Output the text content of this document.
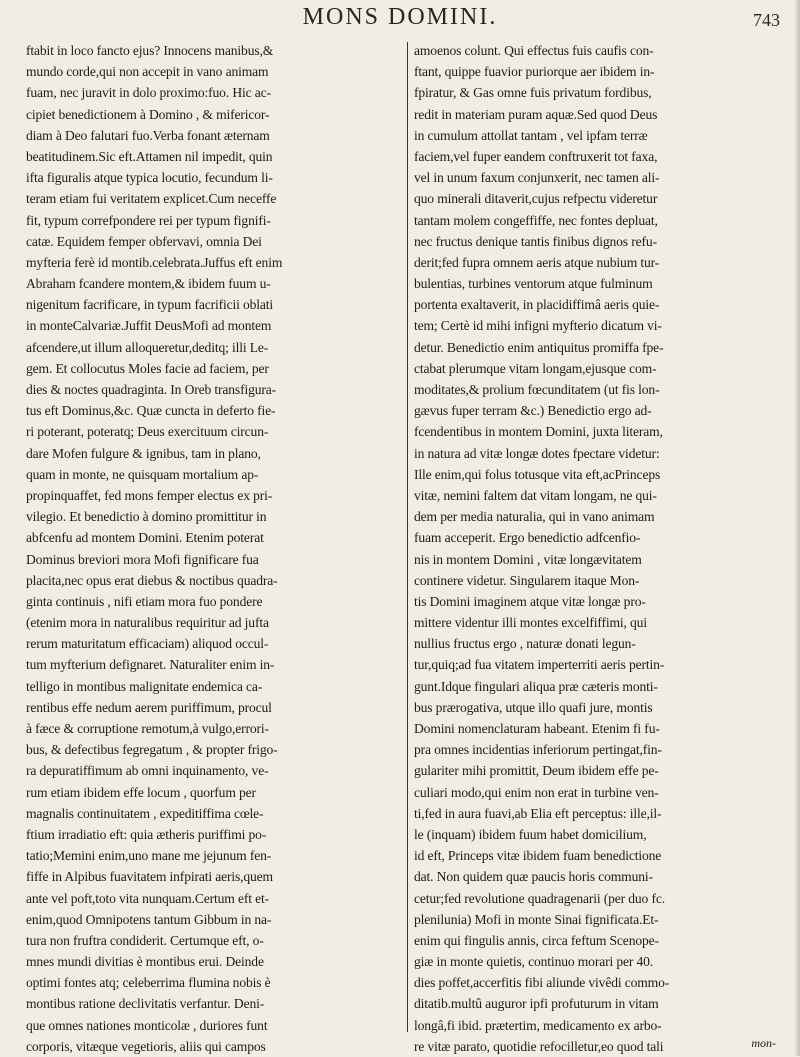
MONS DOMINI.	743
ftabit in loco fancto ejus? Innocens manibus,&
mundo corde,qui non accepit in vano animam
fuam, nec juravit in dolo proximo:fuo. Hic ac-
cipiet benedictionem à Domino , & mifericor-
diam à Deo falutari fuo.Verba fonant æternam
beatitudinem.Sic eft.Attamen nil impedit, quin
ifta figuralis atque typica locutio, fecundum li-
teram etiam fui veritatem explicet.Cum neceffe
fit, typum correfpondere rei per typum fignifi-
catæ. Equidem femper obfervavi, omnia Dei
myfteria ferè id montib.celebrata.Juffus eft enim
Abraham fcandere montem,& ibidem fuum u-
nigenitum facrificare, in typum facrificii oblati
in monteCalvariæ.Juffit DeusMofi ad montem
afcendere,ut illum alloqueretur,deditq; illi Le-
gem. Et collocutus Moles facie ad faciem, per
dies & noctes quadraginta. In Oreb transfigura-
tus eft Dominus,&c. Quæ cuncta in deferto fie-
ri poterant, poteratq; Deus exercituum circun-
dare Mofen fulgure & ignibus, tam in plano,
quam in monte, ne quisquam mortalium ap-
propinquaffet, fed mons femper electus ex pri-
vilegio. Et benedictio à domino promittitur in
abfcenfu ad montem Domini. Etenim poterat
Dominus breviori mora Mofi fignificare fua
placita,nec opus erat diebus & noctibus quadra-
ginta continuis , nifi etiam mora fuo pondere
(etenim mora in naturalibus requiritur ad jufta
rerum maturitatum efficaciam) aliquod occul-
tum myfterium defignaret. Naturaliter enim in-
telligo in montibus malignitate endemica ca-
rentibus effe nedum aerem puriffimum, procul
à fæce & corruptione remotum,à vulgo,errori-
bus, & defectibus fegregatum , & propter frigo-
ra depuratiffimum ab omni inquinamento, ve-
rum etiam ibidem effe locum , quorfum per
magnalis continuitatem , expeditiffima cœle-
ftium irradiatio eft: quia ætheris puriffimi po-
tatio;Memini enim,uno mane me jejunum fen-
fiffe in Alpibus fuavitatem infpirati aeris,quem
ante vel poft,toto vita nunquam.Certum eft et-
enim,quod Omnipotens tantum Gibbum in na-
tura non fruftra condiderit. Certumque eft, o-
mnes mundi divitias è montibus erui. Deinde
optimi fontes atq; celeberrima flumina nobis è
montibus ratione declivitatis verfantur. Deni-
que omnes nationes monticolæ , duriores funt
corporis, vitæque vegetioris, aliis qui campos
amoenos colunt. Qui effectus fuis caufis con-
ftant, quippe fuavior puriorque aer ibidem in-
fpiratur, & Gas omne fuis privatum fordibus,
redit in materiam puram aquæ.Sed quod Deus
in cumulum attollat tantam , vel ipfam terræ
faciem,vel fuper eandem conftruxerit tot faxa,
vel in unum faxum conjunxerit, nec tamen ali-
quo minerali ditaverit,cujus refpectu videretur
tantam molem congeffiffe, nec fontes depluat,
nec fructus denique tantis finibus dignos refu-
derit;fed fupra omnem aeris atque nubium tur-
bulentias, turbines ventorum atque fulminum
portenta exaltaverit, in placidiffimâ aeris quie-
tem; Certè id mihi infigni myfterio dicatum vi-
detur. Benedictio enim antiquitus promiffa fpe-
ctabat plerumque vitam longam,ejusque com-
moditates,& prolium fœcunditatem (ut fis lon-
gævus fuper terram &c.) Benedictio ergo ad-
fcendentibus in montem Domini, juxta literam,
in natura ad vitæ longæ dotes fpectare videtur:
Ille enim,qui folus totusque vita eft,acPrinceps
vitæ, nemini faltem dat vitam longam, ne qui-
dem per media naturalia, qui in vano animam
fuam acceperit. Ergo benedictio adfcenfio-
nis in montem Domini , vitæ longævitatem
continere videtur. Singularem itaque Mon-
tis Domini imaginem atque vitæ longæ pro-
mittere videntur illi montes excelfiffimi, qui
nullius fructus ergo , naturæ donati legun-
tur,quiq;ad fua vitatem imperterriti aeris pertin-
gunt.Idque fingulari aliqua præ cæteris monti-
bus prærogativa, utque illo quafi jure, montis
Domini nomenclaturam habeant. Etenim fi fu-
pra omnes incidentias inferiorum pertingat,fin-
gulariter mihi promittit, Deum ibidem effe pe-
culiari modo,qui enim non erat in turbine ven-
ti,fed in aura fuavi,ab Elia eft perceptus: ille,il-
le (inquam) ibidem fuum habet domicilium,
id eft, Princeps vitæ ibidem fuam benedictione
dat. Non quidem quæ paucis horis communi-
cetur;fed revolutione quadragenarii (per duo fc.
plenilunia) Mofi in monte Sinai fignificata.Et-
enim qui fingulis annis, circa feftum Scenope-
giæ in monte quietis, continuo morari per 40.
dies poffet,accerfitis fibi aliunde vivêdi commo-
ditatib.multû auguror ipfi profuturum in vitam
longâ,fi ibid. prætertim, medicamento ex arbo-
re vitæ parato, quotidie refocilletur,eo quod tali	mon-
